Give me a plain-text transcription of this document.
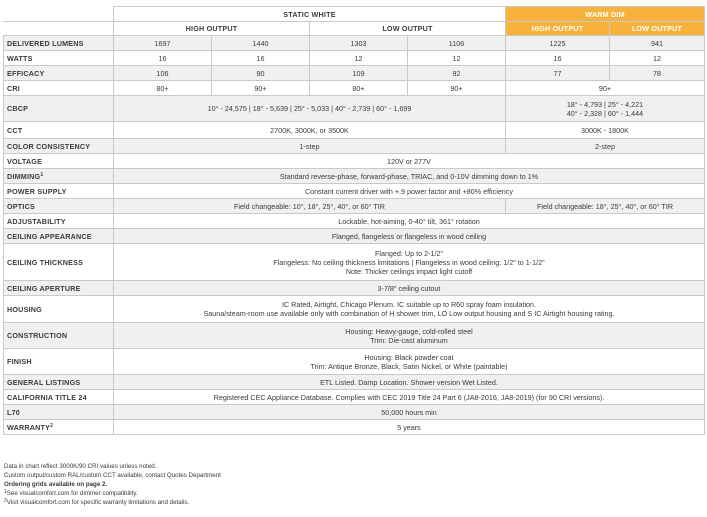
	STATIC WHITE				WARM DIM	
	HIGH OUTPUT		LOW OUTPUT		HIGH OUTPUT	LOW OUTPUT
DELIVERED LUMENS	1697	1440	1303	1106	1225	941
WATTS	16	16	12	12	16	12
EFFICACY	106	90	109	92	77	78
CRI	80+	90+	80+	90+	90+	
CBCP	10° - 24,575 | 18° - 5,639 | 25° - 5,033 | 40° - 2,739 | 60° - 1,699				18° - 4,793 | 25° - 4,221
40° - 2,328 | 60° - 1,444	

CCT	2700K, 3000K, or 3500K				3000K - 1800K	
COLOR CONSISTENCY	1-step				2-step	
VOLTAGE	120V or 277V					
DIMMING$^1$	Standard reverse-phase, forward-phase, TRIAC, and 0-10V dimming down to 1%					
POWER SUPPLY	Constant current driver with +.9 power factor and +80% efficiency					
OPTICS	Field changeable: 10°, 18°, 25°, 40°, or 60° TIR				Field changeable: 18°, 25°, 40°, or 60° TIR	
ADJUSTABILITY	Lockable, hot-aiming, 0-40° tilt, 361° rotation					
CEILING APPEARANCE	Flanged, flangeless or flangeless in wood ceiling					
CEILING THICKNESS	Flanged: Up to 2-1/2"
Flangeless: No ceiling thickness limitations | Flangeless in wood ceiling: 1/2" to 1-1/2"
Note: Thicker ceilings impact light cutoff					

CEILING APERTURE	3-7/8" ceiling cutout					
HOUSING	IC Rated, Airtight, Chicago Plenum. IC suitable up to R60 spray foam insulation.
Sauna/steam-room use available only with combination of H shower trim, LO Low output housing and S IC Airtight housing rating.					

CONSTRUCTION	Housing: Heavy-gauge, cold-rolled steel
Trim: Die-cast aluminum					

FINISH	Housing: Black powder coat
Trim: Antique Bronze, Black, Satin Nickel, or White (paintable)					

GENERAL LISTINGS	ETL Listed. Damp Location. Shower version Wet Listed.					
CALIFORNIA TITLE 24	Registered CEC Appliance Database. Complies with CEC 2019 Title 24 Part 6 (JA8-2016, JA8-2019) (for 90 CRI versions).					
L70	50,000 hours min					
WARRANTY$^2$	5 years					
Data in chart reflect 3000K/90 CRI values unless noted.
Custom output/custom RAL/custom CCT available, contact Quotes Department
Ordering grids available on page 2.
$^1$See visualcomfort.com for dimmer compatibility.
$^2$Visit visualcomfort.com for specific warranty limitations and details.
